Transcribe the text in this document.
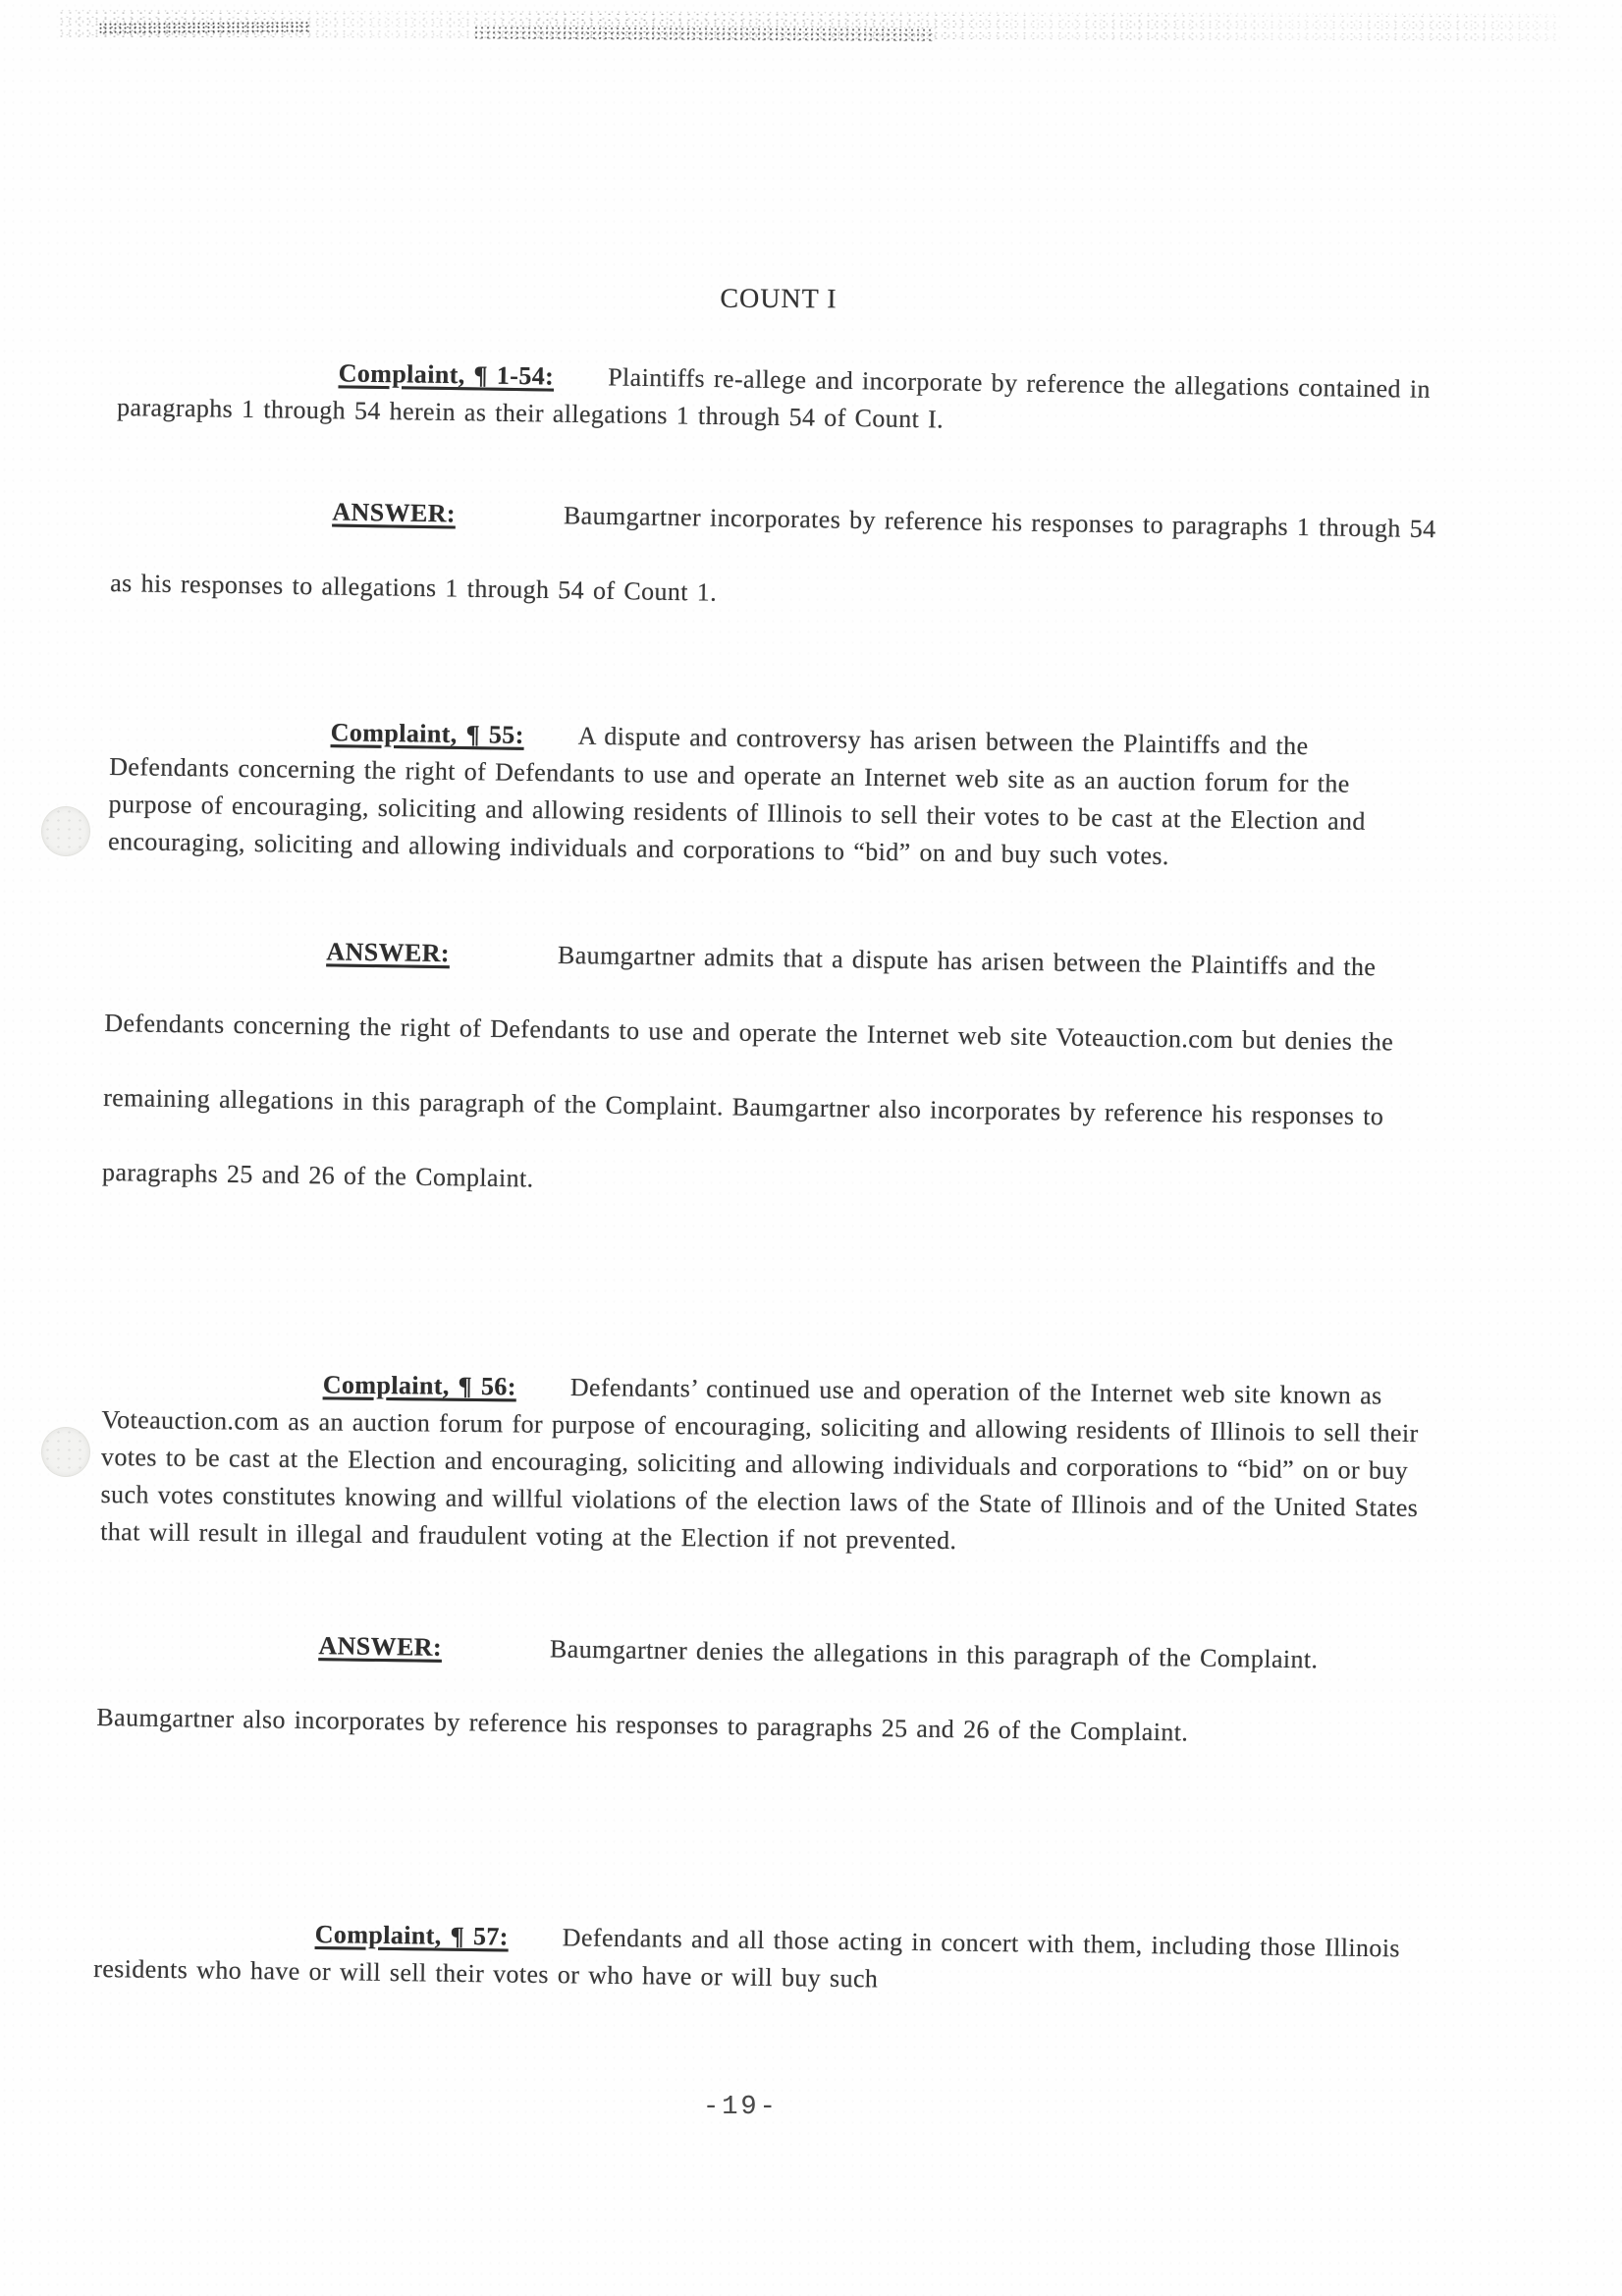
COUNT I

Complaint, ¶ 1-54: Plaintiffs re-allege and incorporate by reference the allegations contained in paragraphs 1 through 54 herein as their allegations 1 through 54 of Count I.

ANSWER:	Baumgartner incorporates by reference his responses to paragraphs 1 through 54 as his responses to allegations 1 through 54 of Count 1.

Complaint, ¶ 55: A dispute and controversy has arisen between the Plaintiffs and the Defendants concerning the right of Defendants to use and operate an Internet web site as an auction forum for the purpose of encouraging, soliciting and allowing residents of Illinois to sell their votes to be cast at the Election and encouraging, soliciting and allowing individuals and corporations to “bid” on and buy such votes.

ANSWER:	Baumgartner admits that a dispute has arisen between the Plaintiffs and the Defendants concerning the right of Defendants to use and operate the Internet web site Voteauction.com but denies the remaining allegations in this paragraph of the Complaint. Baumgartner also incorporates by reference his responses to paragraphs 25 and 26 of the Complaint.

Complaint, ¶ 56: Defendants’ continued use and operation of the Internet web site known as Voteauction.com as an auction forum for purpose of encouraging, soliciting and allowing residents of Illinois to sell their votes to be cast at the Election and encouraging, soliciting and allowing individuals and corporations to “bid” on or buy such votes constitutes knowing and willful violations of the election laws of the State of Illinois and of the United States that will result in illegal and fraudulent voting at the Election if not prevented.

ANSWER:	Baumgartner denies the allegations in this paragraph of the Complaint. Baumgartner also incorporates by reference his responses to paragraphs 25 and 26 of the Complaint.

Complaint, ¶ 57: Defendants and all those acting in concert with them, including those Illinois residents who have or will sell their votes or who have or will buy such

-19-
